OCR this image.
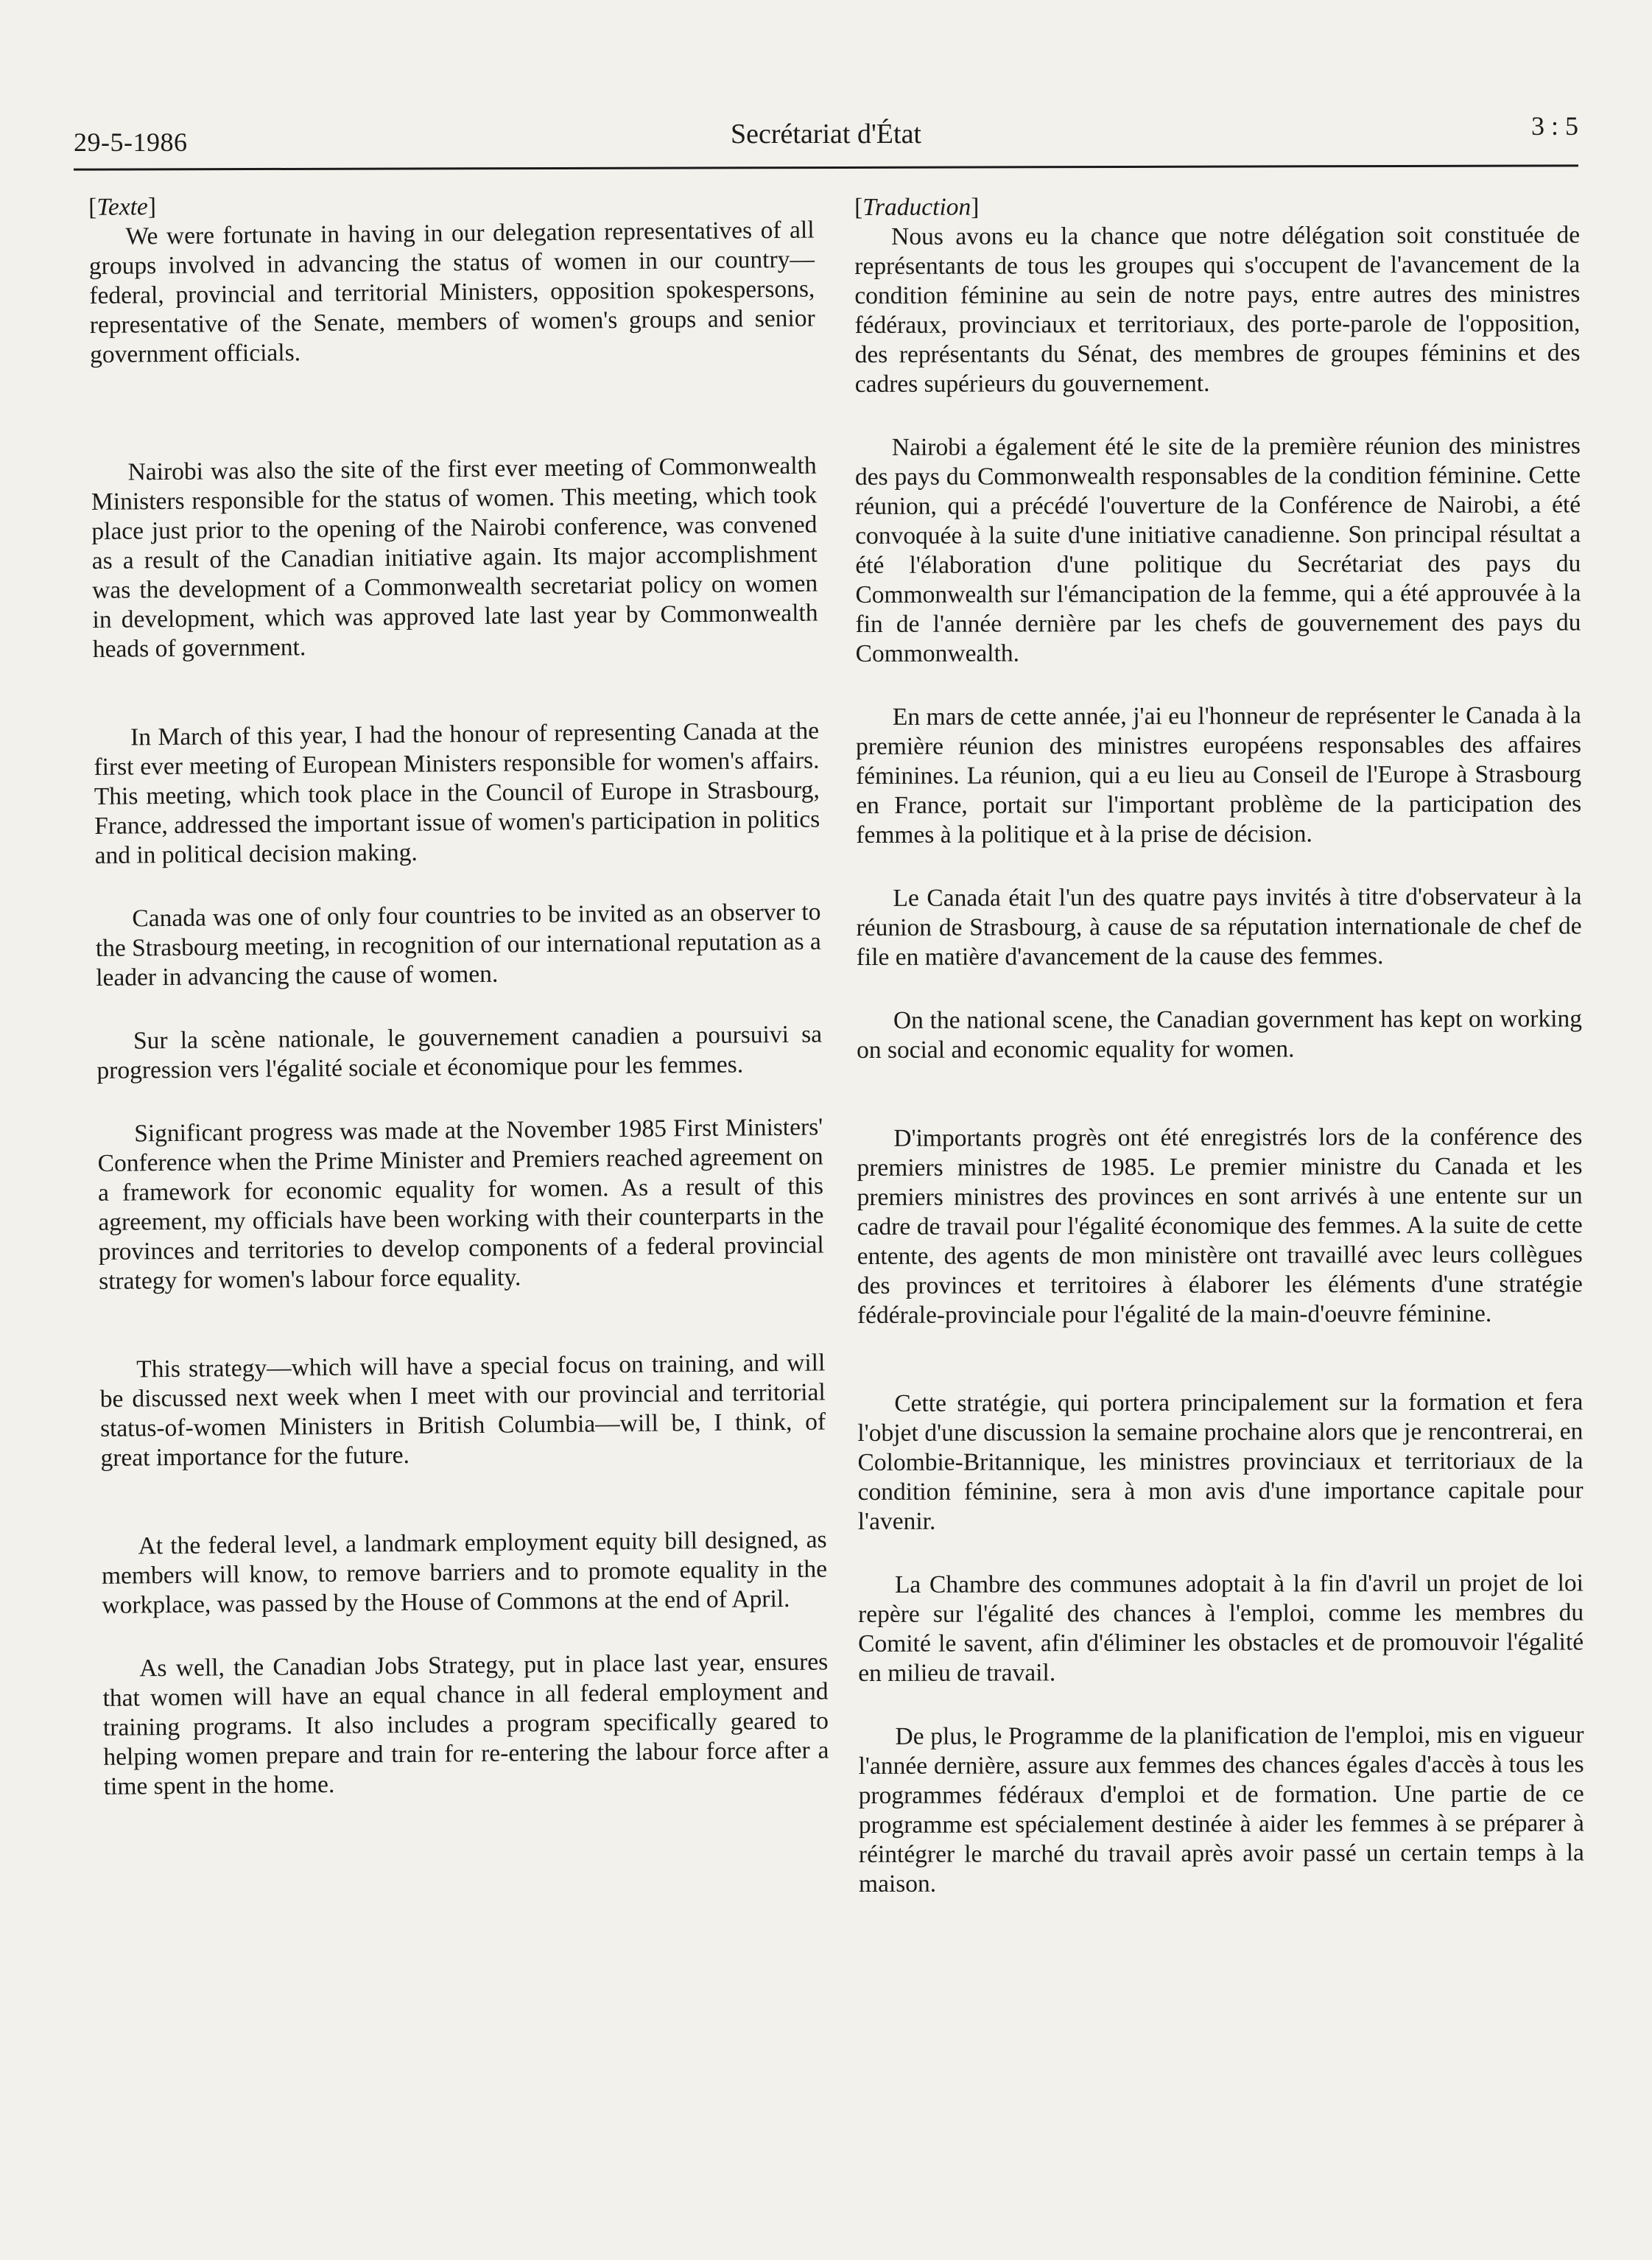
29-5-1986	Secrétariat d'État	3 : 5

[Texte]

We were fortunate in having in our delegation representatives of all groups involved in advancing the status of women in our country—federal, provincial and territorial Ministers, opposition spokespersons, representative of the Senate, members of women's groups and senior government officials.

Nairobi was also the site of the first ever meeting of Commonwealth Ministers responsible for the status of women. This meeting, which took place just prior to the opening of the Nairobi conference, was convened as a result of the Canadian initiative again. Its major accomplishment was the development of a Commonwealth secretariat policy on women in development, which was approved late last year by Commonwealth heads of government.

In March of this year, I had the honour of representing Canada at the first ever meeting of European Ministers responsible for women's affairs. This meeting, which took place in the Council of Europe in Strasbourg, France, addressed the important issue of women's participation in politics and in political decision making.

Canada was one of only four countries to be invited as an observer to the Strasbourg meeting, in recognition of our international reputation as a leader in advancing the cause of women.

Sur la scène nationale, le gouvernement canadien a poursuivi sa progression vers l'égalité sociale et économique pour les femmes.

Significant progress was made at the November 1985 First Ministers' Conference when the Prime Minister and Premiers reached agreement on a framework for economic equality for women. As a result of this agreement, my officials have been working with their counterparts in the provinces and territories to develop components of a federal provincial strategy for women's labour force equality.

This strategy—which will have a special focus on training, and will be discussed next week when I meet with our provincial and territorial status-of-women Ministers in British Columbia—will be, I think, of great importance for the future.

At the federal level, a landmark employment equity bill designed, as members will know, to remove barriers and to promote equality in the workplace, was passed by the House of Commons at the end of April.

As well, the Canadian Jobs Strategy, put in place last year, ensures that women will have an equal chance in all federal employment and training programs. It also includes a program specifically geared to helping women prepare and train for re-entering the labour force after a time spent in the home.

[Traduction]

Nous avons eu la chance que notre délégation soit constituée de représentants de tous les groupes qui s'occupent de l'avancement de la condition féminine au sein de notre pays, entre autres des ministres fédéraux, provinciaux et territoriaux, des porte-parole de l'opposition, des représentants du Sénat, des membres de groupes féminins et des cadres supérieurs du gouvernement.

Nairobi a également été le site de la première réunion des ministres des pays du Commonwealth responsables de la condition féminine. Cette réunion, qui a précédé l'ouverture de la Conférence de Nairobi, a été convoquée à la suite d'une initiative canadienne. Son principal résultat a été l'élaboration d'une politique du Secrétariat des pays du Commonwealth sur l'émancipation de la femme, qui a été approuvée à la fin de l'année dernière par les chefs de gouvernement des pays du Commonwealth.

En mars de cette année, j'ai eu l'honneur de représenter le Canada à la première réunion des ministres européens responsables des affaires féminines. La réunion, qui a eu lieu au Conseil de l'Europe à Strasbourg en France, portait sur l'important problème de la participation des femmes à la politique et à la prise de décision.

Le Canada était l'un des quatre pays invités à titre d'observateur à la réunion de Strasbourg, à cause de sa réputation internationale de chef de file en matière d'avancement de la cause des femmes.

On the national scene, the Canadian government has kept on working on social and economic equality for women.

D'importants progrès ont été enregistrés lors de la conférence des premiers ministres de 1985. Le premier ministre du Canada et les premiers ministres des provinces en sont arrivés à une entente sur un cadre de travail pour l'égalité économique des femmes. A la suite de cette entente, des agents de mon ministère ont travaillé avec leurs collègues des provinces et territoires à élaborer les éléments d'une stratégie fédérale-provinciale pour l'égalité de la main-d'oeuvre féminine.

Cette stratégie, qui portera principalement sur la formation et fera l'objet d'une discussion la semaine prochaine alors que je rencontrerai, en Colombie-Britannique, les ministres provinciaux et territoriaux de la condition féminine, sera à mon avis d'une importance capitale pour l'avenir.

La Chambre des communes adoptait à la fin d'avril un projet de loi repère sur l'égalité des chances à l'emploi, comme les membres du Comité le savent, afin d'éliminer les obstacles et de promouvoir l'égalité en milieu de travail.

De plus, le Programme de la planification de l'emploi, mis en vigueur l'année dernière, assure aux femmes des chances égales d'accès à tous les programmes fédéraux d'emploi et de formation. Une partie de ce programme est spécialement destinée à aider les femmes à se préparer à réintégrer le marché du travail après avoir passé un certain temps à la maison.
